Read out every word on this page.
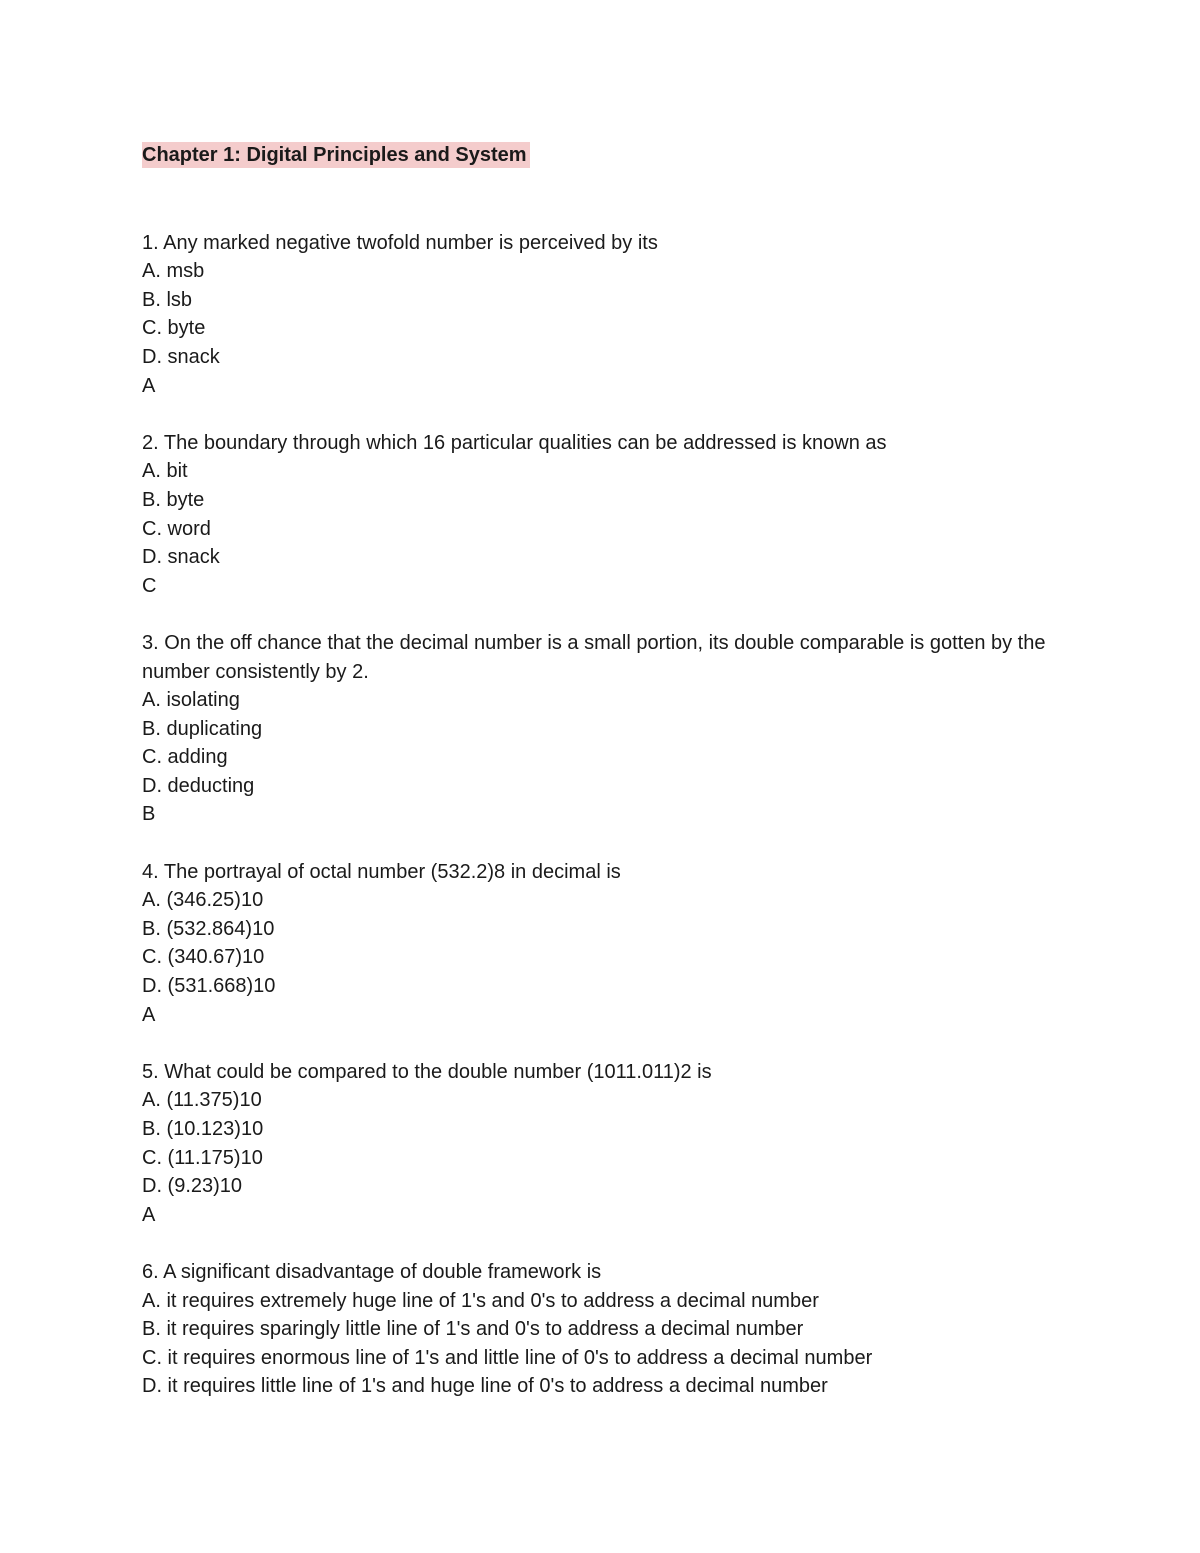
Chapter 1: Digital Principles and System
1. Any marked negative twofold number is perceived by its
A. msb
B. lsb
C. byte
D. snack
A
2. The boundary through which 16 particular qualities can be addressed is known as
A. bit
B. byte
C. word
D. snack
C
3. On the off chance that the decimal number is a small portion, its double comparable is gotten by the number consistently by 2.
A. isolating
B. duplicating
C. adding
D. deducting
B
4. The portrayal of octal number (532.2)8 in decimal is
A. (346.25)10
B. (532.864)10
C. (340.67)10
D. (531.668)10
A
5. What could be compared to the double number (1011.011)2 is
A. (11.375)10
B. (10.123)10
C. (11.175)10
D. (9.23)10
A
6. A significant disadvantage of double framework is
A. it requires extremely huge line of 1's and 0's to address a decimal number
B. it requires sparingly little line of 1's and 0's to address a decimal number
C. it requires enormous line of 1's and little line of 0's to address a decimal number
D. it requires little line of 1's and huge line of 0's to address a decimal number
